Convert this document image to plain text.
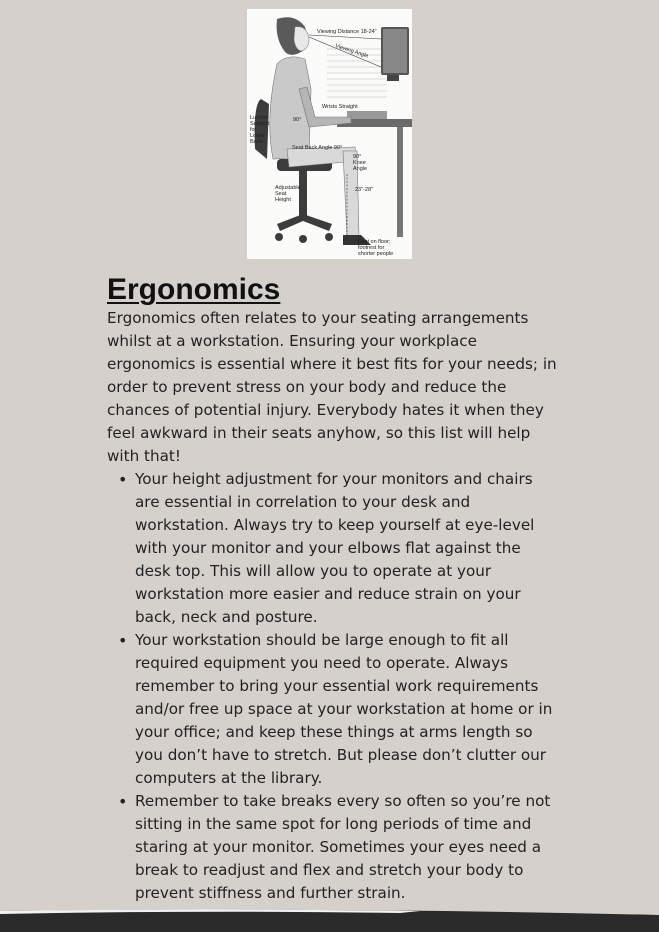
Viewing Distance 18-24"
Viewing Angle
Wrists Straight
Lumbar
Support
for
Lower
Back
90°
Seat Back Angle 90°
90°
Knee
Angle
Adjustable
Seat
Height
23"-28"
Feet on floor;
footrest for
shorter people
Ergonomics

Ergonomics often relates to your seating arrangements whilst at a workstation. Ensuring your workplace ergonomics is essential where it best fits for your needs; in order to prevent stress on your body and reduce the chances of potential injury. Everybody hates it when they feel awkward in their seats anyhow, so this list will help with that!

• Your height adjustment for your monitors and chairs are essential in correlation to your desk and workstation. Always try to keep yourself at eye-level with your monitor and your elbows flat against the desk top. This will allow you to operate at your workstation more easier and reduce strain on your back, neck and posture.
• Your workstation should be large enough to fit all required equipment you need to operate. Always remember to bring your essential work requirements and/or free up space at your workstation at home or in your office; and keep these things at arms length so you don’t have to stretch. But please don’t clutter our computers at the library.
• Remember to take breaks every so often so you’re not sitting in the same spot for long periods of time and staring at your monitor. Sometimes your eyes need a break to readjust and flex and stretch your body to prevent stiffness and further strain.
